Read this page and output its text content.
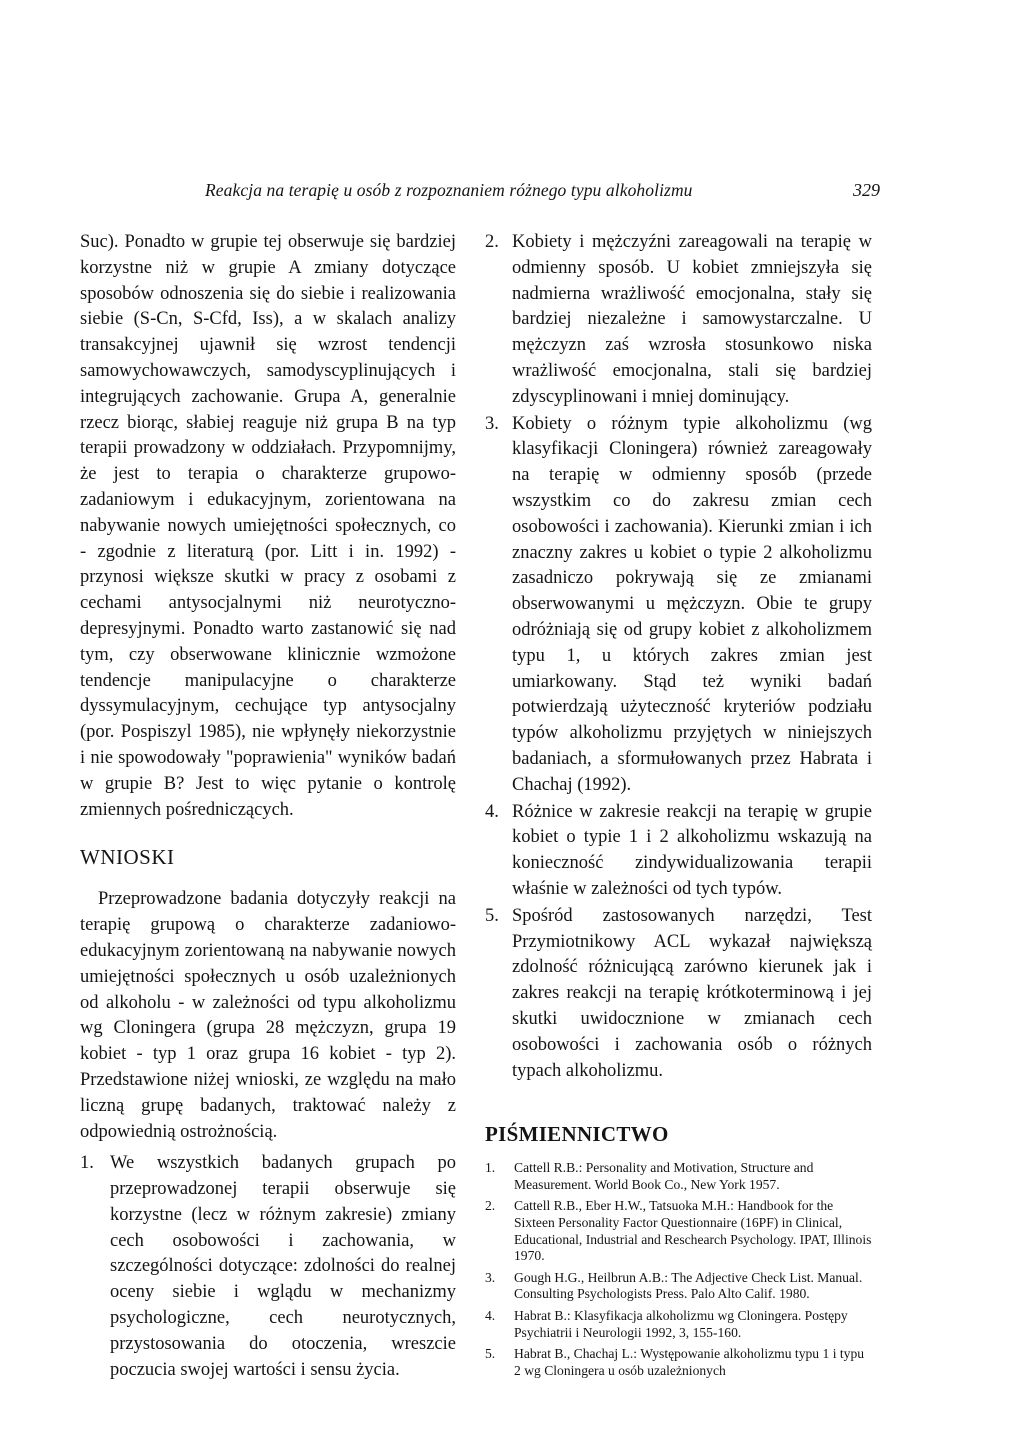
Reakcja na terapię u osób z rozpoznaniem różnego typu alkoholizmu	329

Suc). Ponadto w grupie tej obserwuje się bardziej korzystne niż w grupie A zmiany dotyczące sposobów odnoszenia się do siebie i realizowania siebie (S-Cn, S-Cfd, Iss), a w skalach analizy transakcyjnej ujawnił się wzrost tendencji samowychowawczych, samodyscyplinujących i integrujących zachowanie. Grupa A, generalnie rzecz biorąc, słabiej reaguje niż grupa B na typ terapii prowadzony w oddziałach. Przypomnijmy, że jest to terapia o charakterze grupowo-zadaniowym i edukacyjnym, zorientowana na nabywanie nowych umiejętności społecznych, co - zgodnie z literaturą (por. Litt i in. 1992) - przynosi większe skutki w pracy z osobami z cechami antysocjalnymi niż neurotyczno-depresyjnymi. Ponadto warto zastanowić się nad tym, czy obserwowane klinicznie wzmożone tendencje manipulacyjne o charakterze dyssymulacyjnym, cechujące typ antysocjalny (por. Pospiszyl 1985), nie wpłynęły niekorzystnie i nie spowodowały "poprawienia" wyników badań w grupie B? Jest to więc pytanie o kontrolę zmiennych pośredniczących.

WNIOSKI

Przeprowadzone badania dotyczyły reakcji na terapię grupową o charakterze zadaniowo-edukacyjnym zorientowaną na nabywanie nowych umiejętności społecznych u osób uzależnionych od alkoholu - w zależności od typu alkoholizmu wg Cloningera (grupa 28 mężczyzn, grupa 19 kobiet - typ 1 oraz grupa 16 kobiet - typ 2). Przedstawione niżej wnioski, ze względu na mało liczną grupę badanych, traktować należy z odpowiednią ostrożnością.

1. We wszystkich badanych grupach po przeprowadzonej terapii obserwuje się korzystne (lecz w różnym zakresie) zmiany cech osobowości i zachowania, w szczególności dotyczące: zdolności do realnej oceny siebie i wglądu w mechanizmy psychologiczne, cech neurotycznych, przystosowania do otoczenia, wreszcie poczucia swojej wartości i sensu życia.
2. Kobiety i mężczyźni zareagowali na terapię w odmienny sposób. U kobiet zmniejszyła się nadmierna wrażliwość emocjonalna, stały się bardziej niezależne i samowystarczalne. U mężczyzn zaś wzrosła stosunkowo niska wrażliwość emocjonalna, stali się bardziej zdyscyplinowani i mniej dominujący.
3. Kobiety o różnym typie alkoholizmu (wg klasyfikacji Cloningera) również zareagowały na terapię w odmienny sposób (przede wszystkim co do zakresu zmian cech osobowości i zachowania). Kierunki zmian i ich znaczny zakres u kobiet o typie 2 alkoholizmu zasadniczo pokrywają się ze zmianami obserwowanymi u mężczyzn. Obie te grupy odróżniają się od grupy kobiet z alkoholizmem typu 1, u których zakres zmian jest umiarkowany. Stąd też wyniki badań potwierdzają użyteczność kryteriów podziału typów alkoholizmu przyjętych w niniejszych badaniach, a sformułowanych przez Habrata i Chachaj (1992).
4. Różnice w zakresie reakcji na terapię w grupie kobiet o typie 1 i 2 alkoholizmu wskazują na konieczność zindywidualizowania terapii właśnie w zależności od tych typów.
5. Spośród zastosowanych narzędzi, Test Przymiotnikowy ACL wykazał największą zdolność różnicującą zarówno kierunek jak i zakres reakcji na terapię krótkoterminową i jej skutki uwidocznione w zmianach cech osobowości i zachowania osób o różnych typach alkoholizmu.
PIŚMIENNICTWO
1. Cattell R.B.: Personality and Motivation, Structure and Measurement. World Book Co., New York 1957.
2. Cattell R.B., Eber H.W., Tatsuoka M.H.: Handbook for the Sixteen Personality Factor Questionnaire (16PF) in Clinical, Educational, Industrial and Reschearch Psychology. IPAT, Illinois 1970.
3. Gough H.G., Heilbrun A.B.: The Adjective Check List. Manual. Consulting Psychologists Press. Palo Alto Calif. 1980.
4. Habrat B.: Klasyfikacja alkoholizmu wg Cloningera. Postępy Psychiatrii i Neurologii 1992, 3, 155-160.
5. Habrat B., Chachaj L.: Występowanie alkoholizmu typu 1 i typu 2 wg Cloningera u osób uzależnionych
